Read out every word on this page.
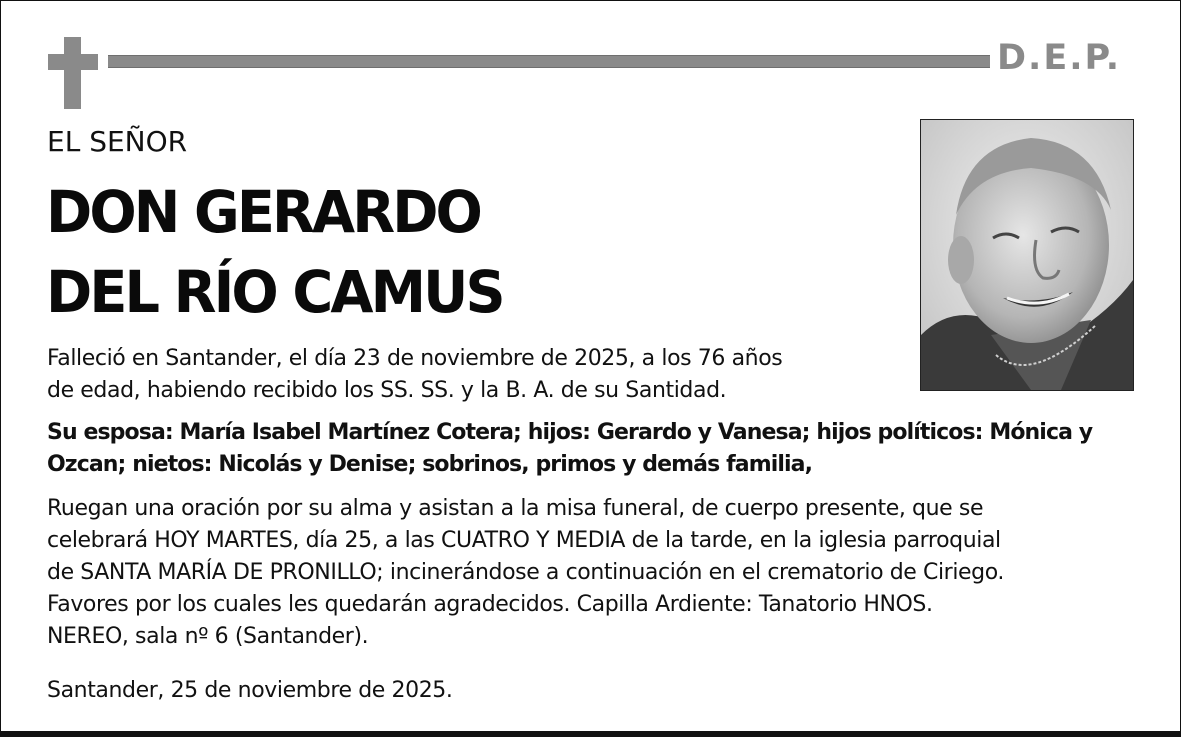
D.E.P.
EL SEÑOR
DON GERARDO
DEL RÍO CAMUS
Falleció en Santander, el día 23 de noviembre de 2025, a los 76 años
de edad, habiendo recibido los SS. SS. y la B. A. de su Santidad.
Su esposa: María Isabel Martínez Cotera; hijos: Gerardo y Vanesa; hijos políticos: Mónica y
Ozcan; nietos: Nicolás y Denise; sobrinos, primos y demás familia,
Ruegan una oración por su alma y asistan a la misa funeral, de cuerpo presente, que se
celebrará HOY MARTES, día 25, a las CUATRO Y MEDIA de la tarde, en la iglesia parroquial
de SANTA MARÍA DE PRONILLO; incinerándose a continuación en el crematorio de Ciriego.
Favores por los cuales les quedarán agradecidos. Capilla Ardiente: Tanatorio HNOS.
NEREO, sala nº 6 (Santander).
Santander, 25 de noviembre de 2025.
